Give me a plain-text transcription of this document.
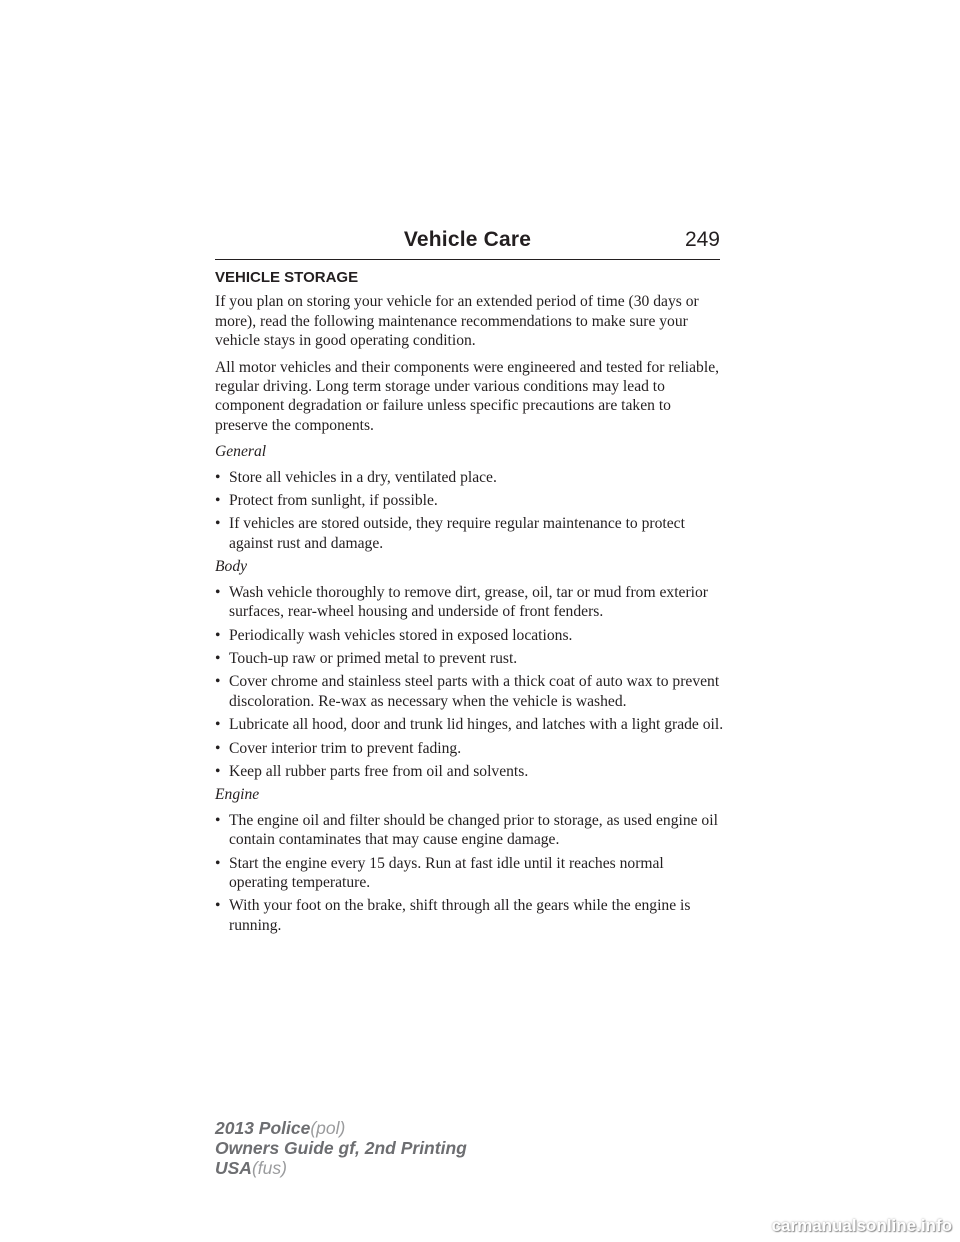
Vehicle Care	249
VEHICLE STORAGE

If you plan on storing your vehicle for an extended period of time (30 days or more), read the following maintenance recommendations to make sure your vehicle stays in good operating condition.

All motor vehicles and their components were engineered and tested for reliable, regular driving. Long term storage under various conditions may lead to component degradation or failure unless specific precautions are taken to preserve the components.

General
• Store all vehicles in a dry, ventilated place.
• Protect from sunlight, if possible.
• If vehicles are stored outside, they require regular maintenance to protect against rust and damage.
Body
• Wash vehicle thoroughly to remove dirt, grease, oil, tar or mud from exterior surfaces, rear-wheel housing and underside of front fenders.
• Periodically wash vehicles stored in exposed locations.
• Touch-up raw or primed metal to prevent rust.
• Cover chrome and stainless steel parts with a thick coat of auto wax to prevent discoloration. Re-wax as necessary when the vehicle is washed.
• Lubricate all hood, door and trunk lid hinges, and latches with a light grade oil.
• Cover interior trim to prevent fading.
• Keep all rubber parts free from oil and solvents.
Engine
• The engine oil and filter should be changed prior to storage, as used engine oil contain contaminates that may cause engine damage.
• Start the engine every 15 days. Run at fast idle until it reaches normal operating temperature.
• With your foot on the brake, shift through all the gears while the engine is running.
2013 Police(pol)
Owners Guide gf, 2nd Printing
USA(fus)
carmanualsonline.info
